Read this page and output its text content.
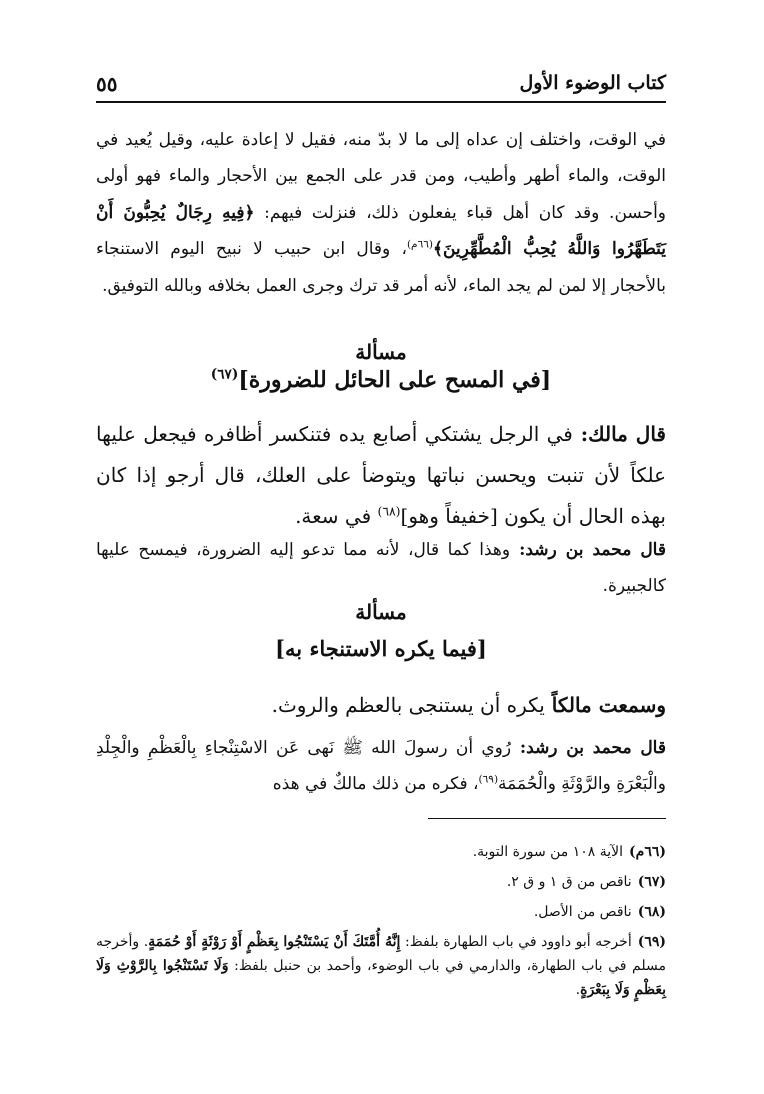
كتاب الوضوء الأول
٥٥

في الوقت، واختلف إن عداه إلى ما لا بدّ منه، فقيل لا إعادة عليه، وقيل يُعيد في الوقت، والماء أطهر وأطيب، ومن قدر على الجمع بين الأحجار والماء فهو أولى وأحسن. وقد كان أهل قباء يفعلون ذلك، فنزلت فيهم: ﴿فِيهِ رِجَالٌ يُحِبُّونَ أَنْ يَتَطَهَّرُوا وَاللَّهُ يُحِبُّ الْمُطَّهِّرِينَ﴾$^{(٦٦م)}$، وقال ابن حبيب لا نبيح اليوم الاستنجاء بالأحجار إلا لمن لم يجد الماء، لأنه أمر قد ترك وجرى العمل بخلافه وبالله التوفيق.

مسألة
[في المسح على الحائل للضرورة]$^{(٦٧)}$

قال مالك: في الرجل يشتكي أصابع يده فتنكسر أظافره فيجعل عليها علكاً لأن تنبت ويحسن نباتها ويتوضأ على العلك، قال أرجو إذا كان بهذه الحال أن يكون [خفيفاً وهو]$^{(٦٨)}$ في سعة.

قال محمد بن رشد: وهذا كما قال، لأنه مما تدعو إليه الضرورة، فيمسح عليها كالجبيرة.

مسألة
[فيما يكره الاستنجاء به]

وسمعت مالكاً يكره أن يستنجى بالعظم والروث.

قال محمد بن رشد: رُوي أن رسولَ الله ﷺ نَهى عَن الاسْتِنْجاءِ بِالْعَظْمِ والْجِلْدِ والْبَعْرَةِ والرَّوْثَةِ والْحُمَمَة$^{(٦٩)}$، فكره من ذلك مالكٌ في هذه

(٦٦م)الآية ١٠٨ من سورة التوبة.

(٦٧)ناقص من ق ١ و ق ٢.

(٦٨)ناقص من الأصل.

(٦٩)أخرجه أبو داوود في باب الطهارة بلفظ: إِنَّهُ أُمَّتَكَ أَنْ يَسْتَنْجُوا بِعَظْمٍ أَوْ رَوْثَةٍ أَوْ حُمَمَةٍ. وأخرجه مسلم في باب الطهارة، والدارمي في باب الوضوء، وأحمد بن حنبل بلفظ: وَلَا تَسْتَنْجُوا بِالرَّوْثِ وَلَا بِعَظْمٍ وَلَا بِبَعْرَةٍ.
